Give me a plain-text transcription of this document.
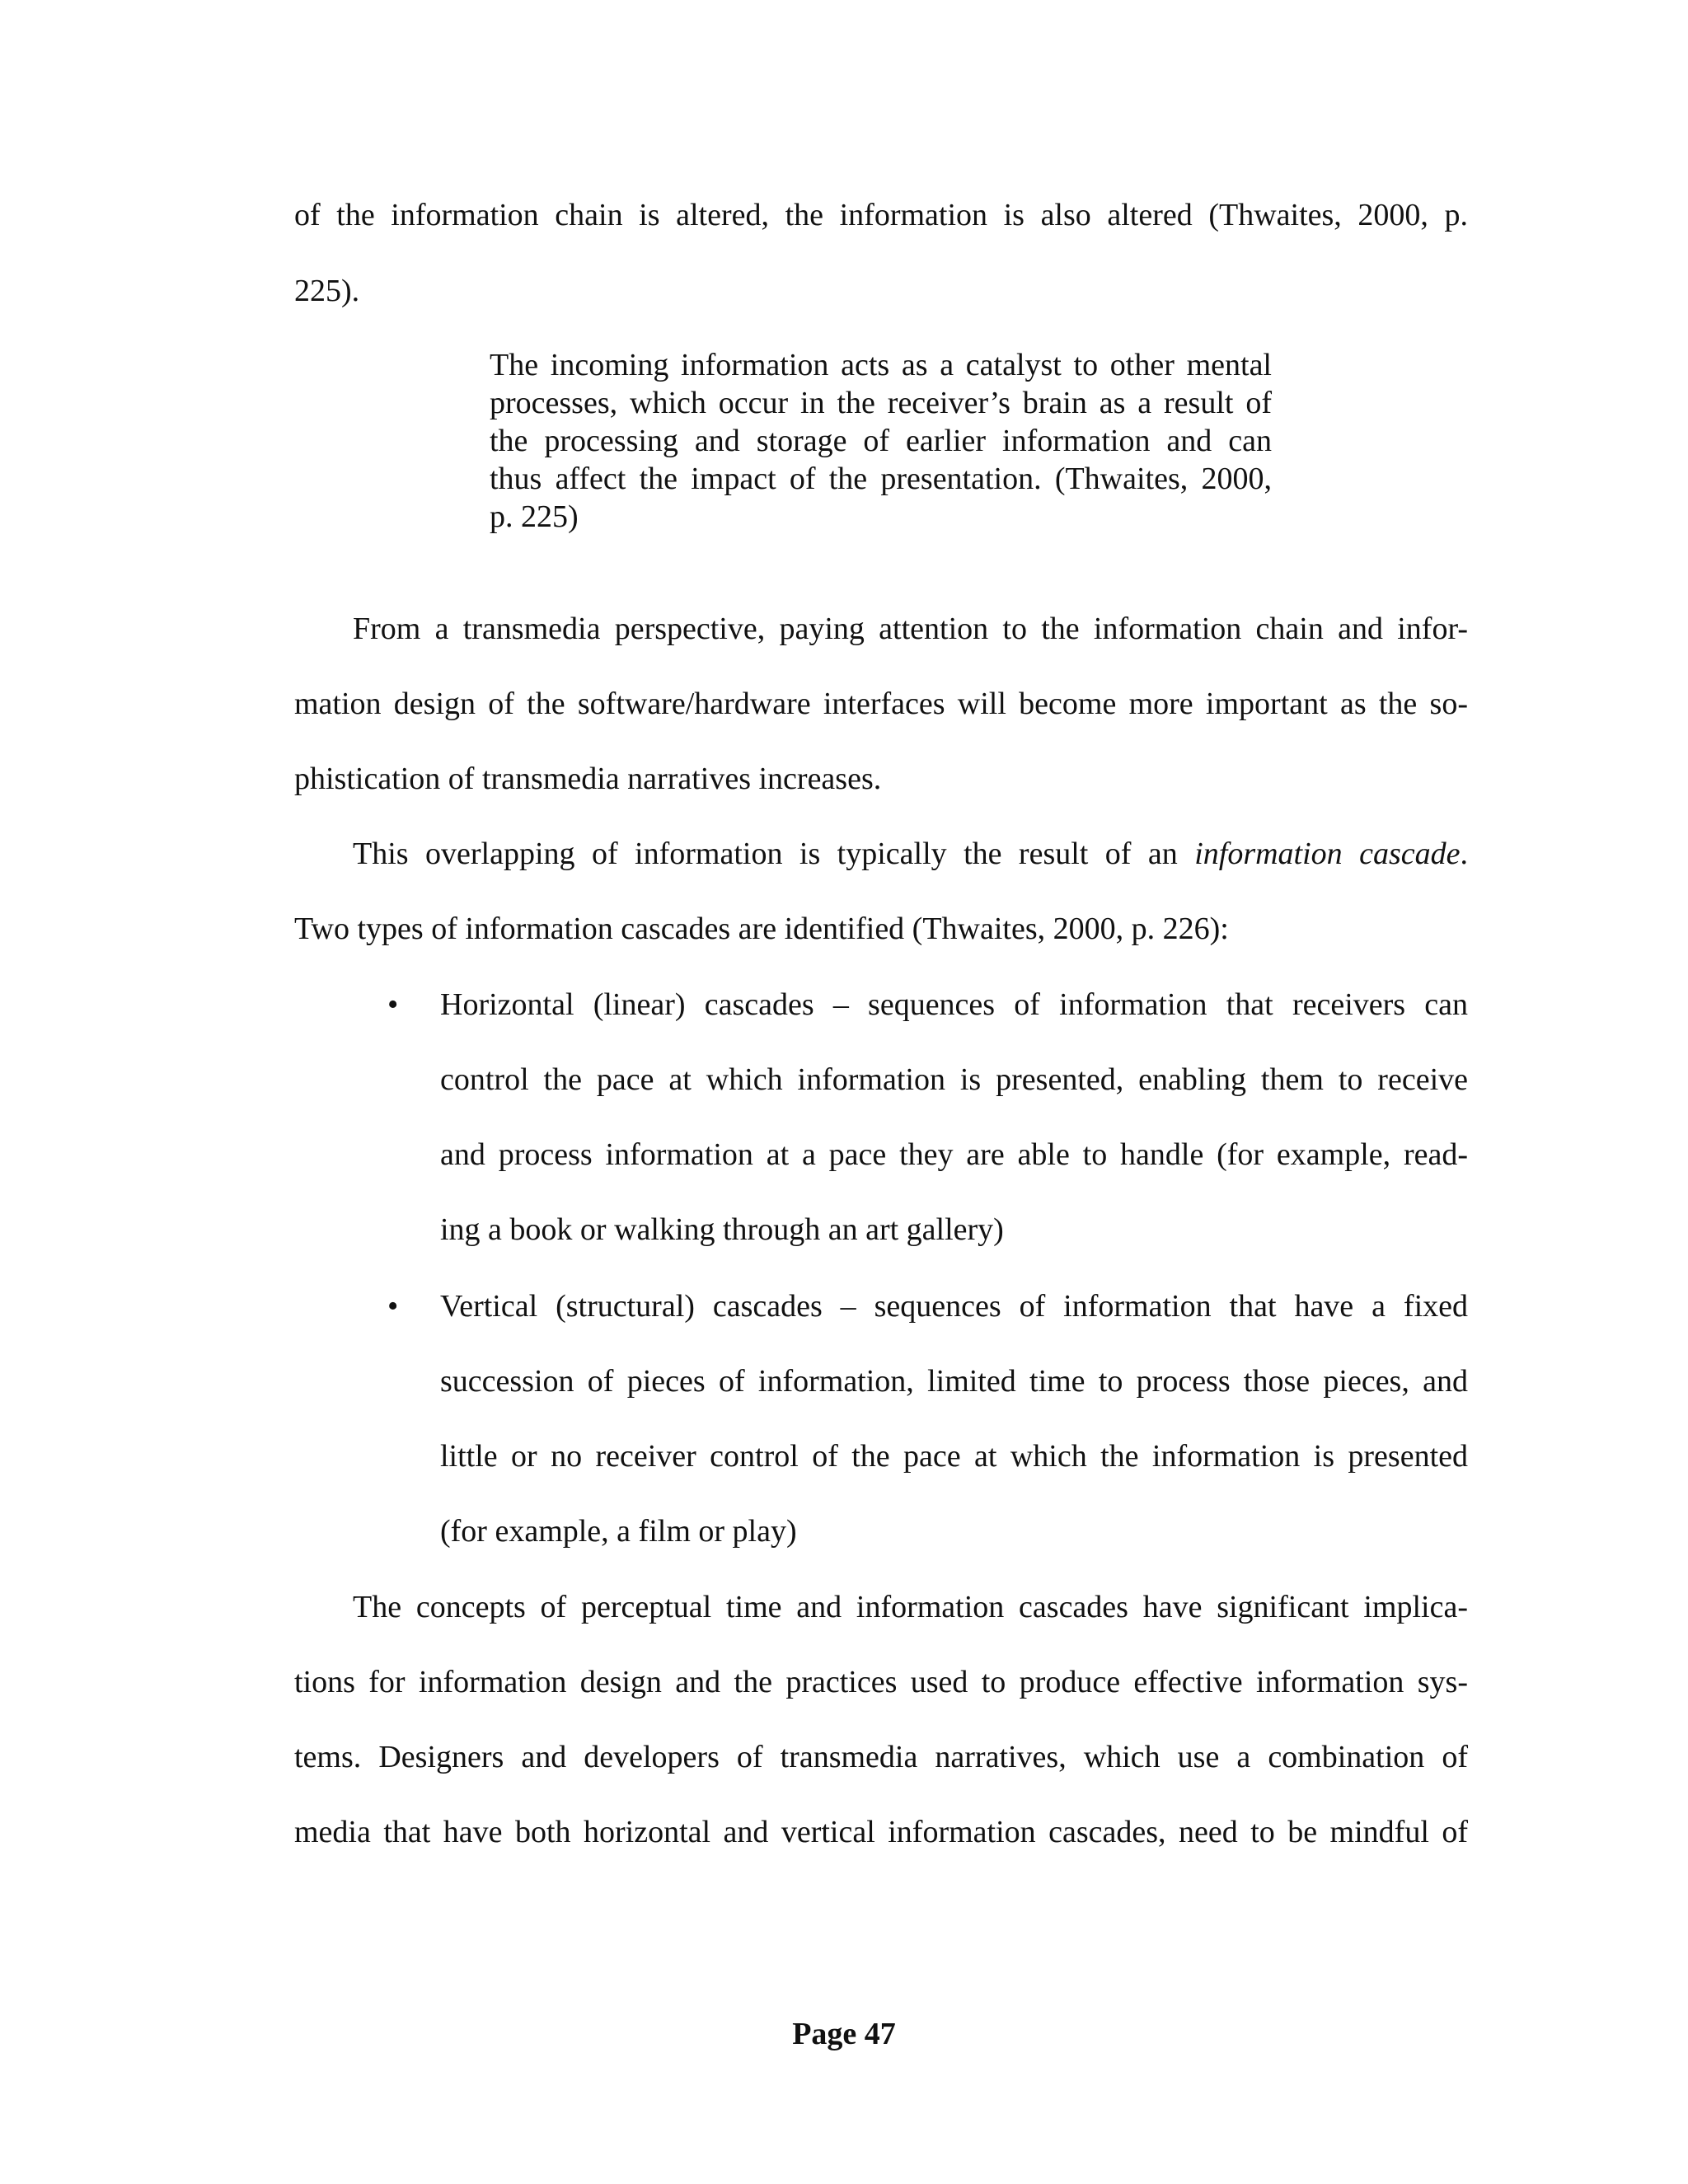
of the information chain is altered, the information is also altered (Thwaites, 2000, p.

225).

The incoming information acts as a catalyst to other mental

processes, which occur in the receiver’s brain as a result of

the processing and storage of earlier information and can

thus affect the impact of the presentation. (Thwaites, 2000,

p. 225)

From a transmedia perspective, paying attention to the information chain and infor-

mation design of the software/hardware interfaces will become more important as the so-

phistication of transmedia narratives increases.

This overlapping of information is typically the result of an information cascade.

Two types of information cascades are identified (Thwaites, 2000, p. 226):

• Horizontal (linear) cascades – sequences of information that receivers can

control the pace at which information is presented, enabling them to receive

and process information at a pace they are able to handle (for example, read-

ing a book or walking through an art gallery)

• Vertical (structural) cascades – sequences of information that have a fixed

succession of pieces of information, limited time to process those pieces, and

little or no receiver control of the pace at which the information is presented

(for example, a film or play)

The concepts of perceptual time and information cascades have significant implica-

tions for information design and the practices used to produce effective information sys-

tems. Designers and developers of transmedia narratives, which use a combination of

media that have both horizontal and vertical information cascades, need to be mindful of

Page 47
